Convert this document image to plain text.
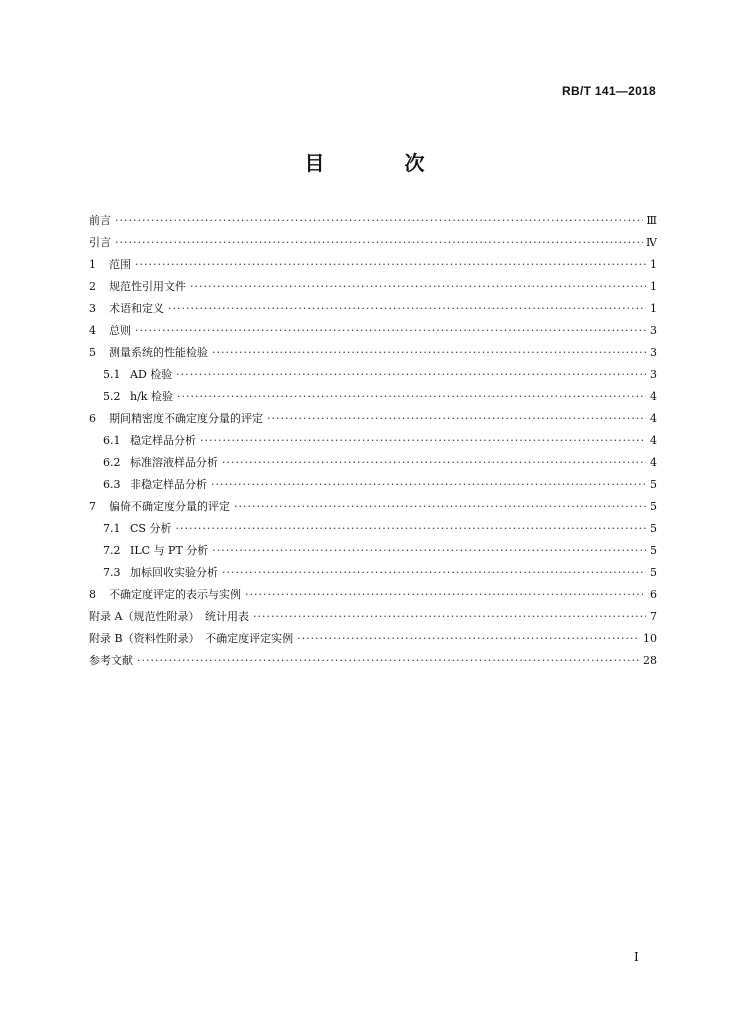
RB/T 141—2018
目　次
前言 ·····	Ⅲ
引言 ·····	Ⅳ
1	范围 ·····	1
2	规范性引用文件 ·····	1
3	术语和定义 ·····	1
4	总则 ·····	3
5	测量系统的性能检验 ·····	3
5.1 AD 检验 ·····	3
5.2 h/k 检验 ·····	4
6	期间精密度不确定度分量的评定 ·····	4
6.1 稳定样品分析 ·····	4
6.2 标准溶液样品分析 ·····	4
6.3 非稳定样品分析 ·····	5
7	偏倚不确定度分量的评定 ·····	5
7.1 CS 分析 ·····	5
7.2 ILC 与 PT 分析 ·····	5
7.3 加标回收实验分析 ·····	5
8	不确定度评定的表示与实例 ·····	6
附录 A（规范性附录）　统计用表 ·····	7
附录 B（资料性附录）　不确定度评定实例 ·····	10
参考文献 ·····	28
Ⅰ
